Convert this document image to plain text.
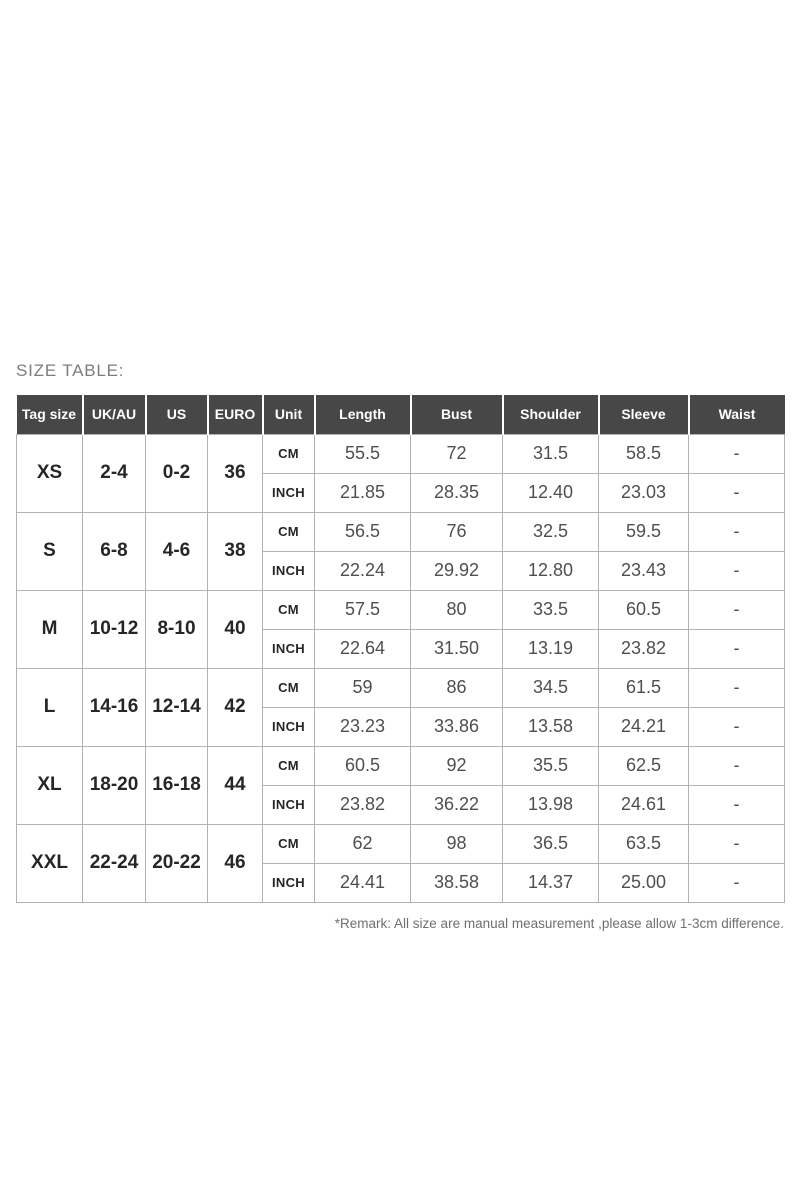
SIZE TABLE:
Tag size	UK/AU	US	EURO	Unit	Length	Bust	Shoulder	Sleeve	Waist
XS	2-4	0-2	36	CM	55.5	72	31.5	58.5	-
				INCH	21.85	28.35	12.40	23.03	-
S	6-8	4-6	38	CM	56.5	76	32.5	59.5	-
				INCH	22.24	29.92	12.80	23.43	-
M	10-12	8-10	40	CM	57.5	80	33.5	60.5	-
				INCH	22.64	31.50	13.19	23.82	-
L	14-16	12-14	42	CM	59	86	34.5	61.5	-
				INCH	23.23	33.86	13.58	24.21	-
XL	18-20	16-18	44	CM	60.5	92	35.5	62.5	-
				INCH	23.82	36.22	13.98	24.61	-
XXL	22-24	20-22	46	CM	62	98	36.5	63.5	-
				INCH	24.41	38.58	14.37	25.00	-
*Remark: All size are manual measurement ,please allow 1-3cm difference.
